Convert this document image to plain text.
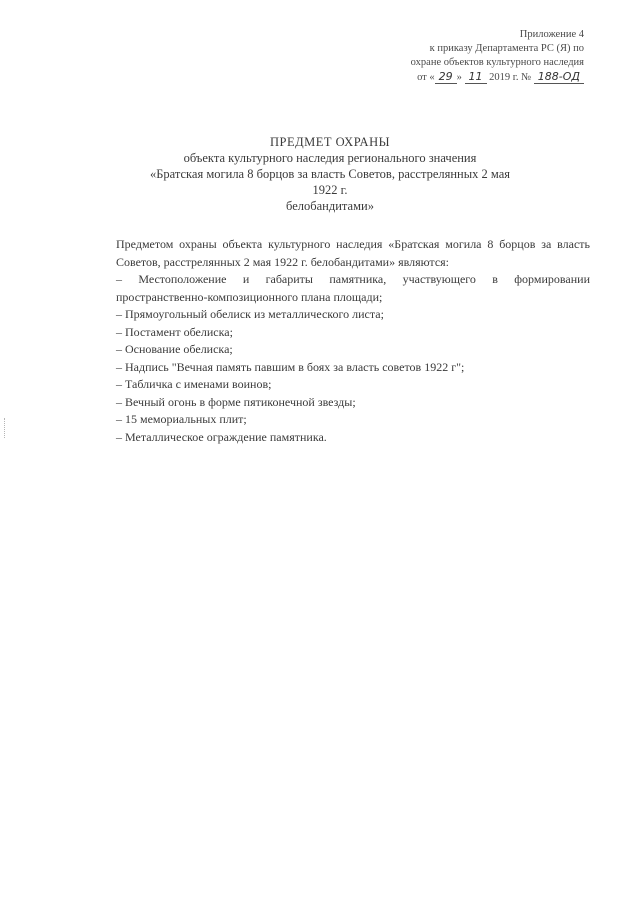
Приложение 4
к приказу Департамента РС (Я) по
охране объектов культурного наследия
от « 29 » 11 2019 г. № 188-ОД
ПРЕДМЕТ ОХРАНЫ
объекта культурного наследия регионального значения
«Братская могила 8 борцов за власть Советов, расстрелянных 2 мая 1922 г.
белобандитами»

Предметом охраны объекта культурного наследия «Братская могила 8 борцов за власть Советов, расстрелянных 2 мая 1922 г. белобандитами» являются:

– Местоположение и габариты памятника, участвующего в формировании пространственно-композиционного плана площади;
– Прямоугольный обелиск из металлического листа;
– Постамент обелиска;
– Основание обелиска;
– Надпись "Вечная память павшим в боях за власть советов 1922 г";
– Табличка с именами воинов;
– Вечный огонь в форме пятиконечной звезды;
– 15 мемориальных плит;
– Металлическое ограждение памятника.
